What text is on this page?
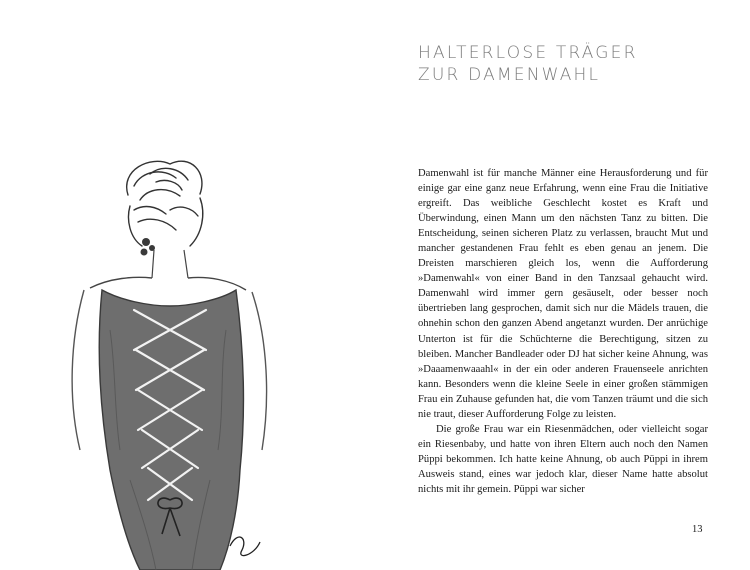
HALTERLOSE TRÄGER
ZUR DAMENWAHL

Damenwahl ist für manche Männer eine Herausforderung und für einige gar eine ganz neue Erfahrung, wenn eine Frau die Initiative ergreift. Das weibliche Geschlecht kostet es Kraft und Überwindung, einen Mann um den nächsten Tanz zu bitten. Die Entscheidung, seinen sicheren Platz zu verlassen, braucht Mut und mancher gestandenen Frau fehlt es eben genau an jenem. Die Dreisten marschieren gleich los, wenn die Aufforderung »Damenwahl« von einer Band in den Tanzsaal gehaucht wird. Damenwahl wird immer gern gesäuselt, oder besser noch übertrieben lang gesprochen, damit sich nur die Mädels trauen, die ohnehin schon den ganzen Abend angetanzt wurden. Der anrüchige Unterton ist für die Schüchterne die Berechtigung, sitzen zu bleiben. Mancher Bandleader oder DJ hat sicher keine Ahnung, was »Daaamenwaaahl« in der ein oder anderen Frauenseele anrichten kann. Besonders wenn die kleine Seele in einer großen stämmigen Frau ein Zuhause gefunden hat, die vom Tanzen träumt und die sich nie traut, dieser Aufforderung Folge zu leisten.

Die große Frau war ein Riesenmädchen, oder vielleicht sogar ein Riesenbaby, und hatte von ihren Eltern auch noch den Namen Püppi bekommen. Ich hatte keine Ahnung, ob auch Püppi in ihrem Ausweis stand, eines war jedoch klar, dieser Name hatte absolut nichts mit ihr gemein. Püppi war sicher

13
